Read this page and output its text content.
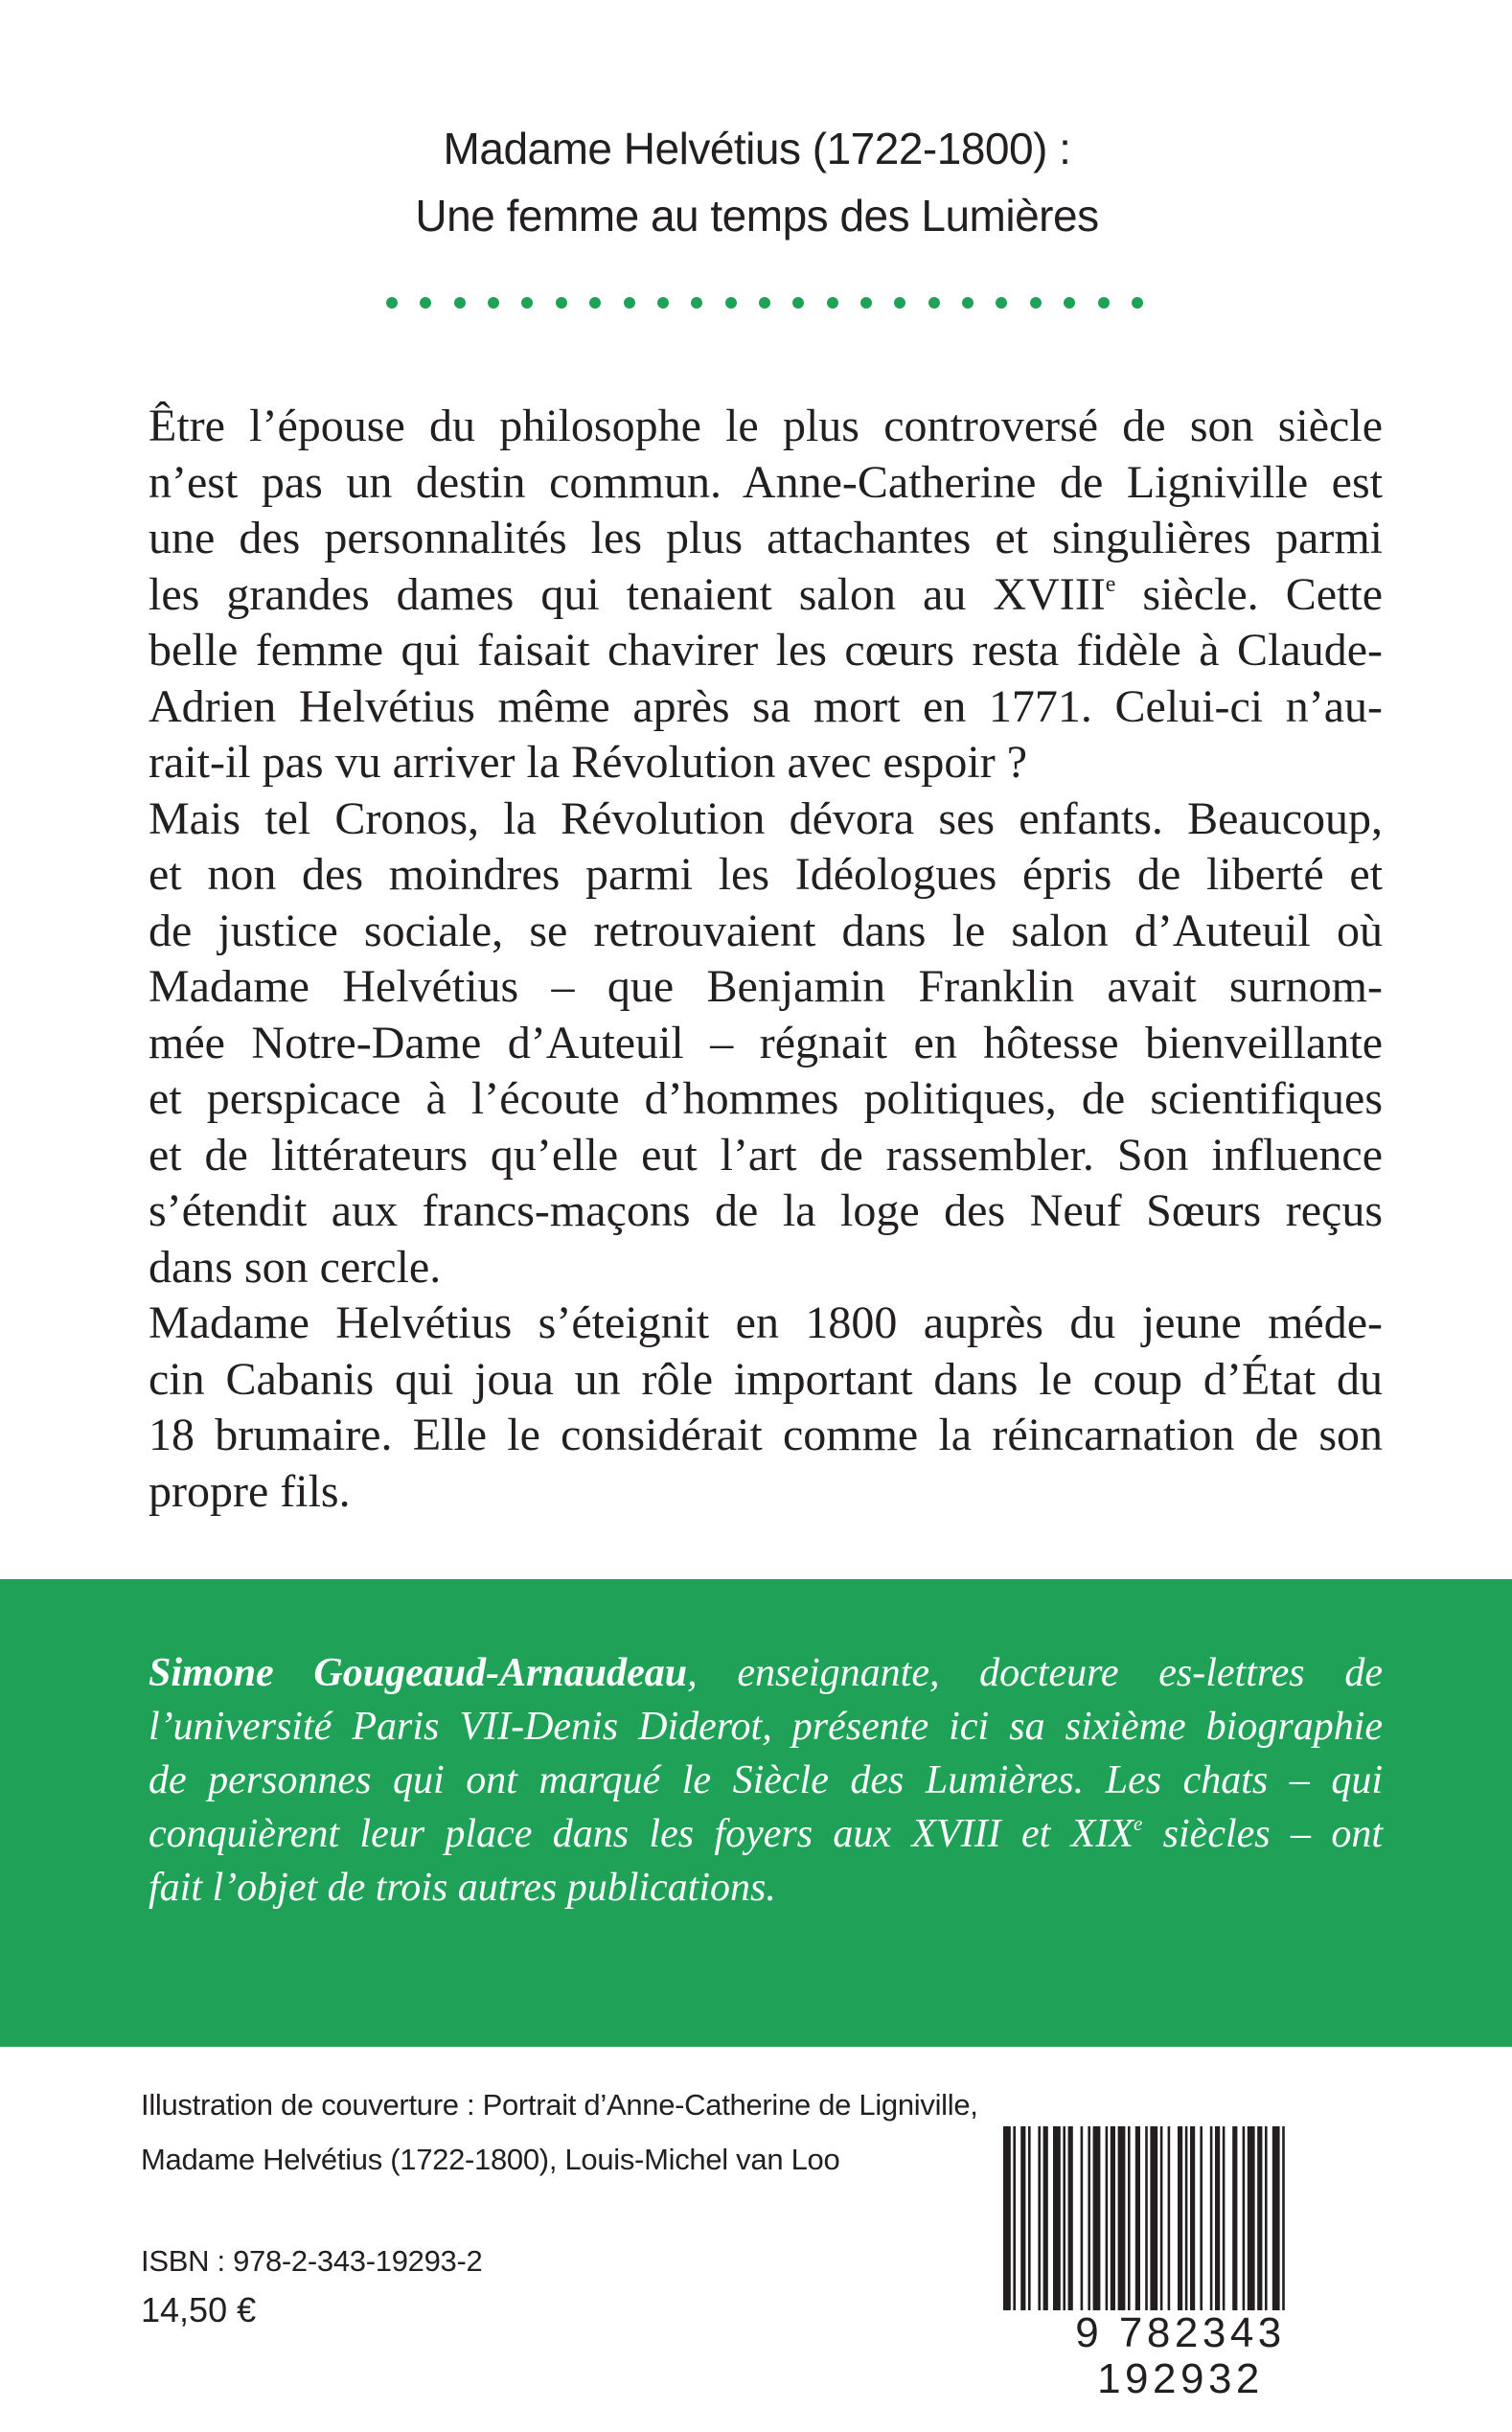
Madame Helvétius (1722-1800) :
Une femme au temps des Lumières
Être l’épouse du philosophe le plus controversé de son siècle
n’est pas un destin commun. Anne-Catherine de Ligniville est
une des personnalités les plus attachantes et singulières parmi
les grandes dames qui tenaient salon au XVIIIe siècle. Cette
belle femme qui faisait chavirer les cœurs resta fidèle à Claude-
Adrien Helvétius même après sa mort en 1771. Celui-ci n’au-
rait-il pas vu arriver la Révolution avec espoir ?
Mais tel Cronos, la Révolution dévora ses enfants. Beaucoup,
et non des moindres parmi les Idéologues épris de liberté et
de justice sociale, se retrouvaient dans le salon d’Auteuil où
Madame Helvétius – que Benjamin Franklin avait surnom-
mée Notre-Dame d’Auteuil – régnait en hôtesse bienveillante
et perspicace à l’écoute d’hommes politiques, de scientifiques
et de littérateurs qu’elle eut l’art de rassembler. Son influence
s’étendit aux francs-maçons de la loge des Neuf Sœurs reçus
dans son cercle.
Madame Helvétius s’éteignit en 1800 auprès du jeune méde-
cin Cabanis qui joua un rôle important dans le coup d’État du
18 brumaire. Elle le considérait comme la réincarnation de son
propre fils.
Simone Gougeaud-Arnaudeau, enseignante, docteure es-lettres de
l’université Paris VII-Denis Diderot, présente ici sa sixième biographie
de personnes qui ont marqué le Siècle des Lumières. Les chats – qui
conquièrent leur place dans les foyers aux XVIII et XIXe siècles – ont
fait l’objet de trois autres publications.
Illustration de couverture : Portrait d’Anne-Catherine de Ligniville,
Madame Helvétius (1722-1800), Louis-Michel van Loo
ISBN : 978-2-343-19293-2
14,50 €	9 782343 192932
